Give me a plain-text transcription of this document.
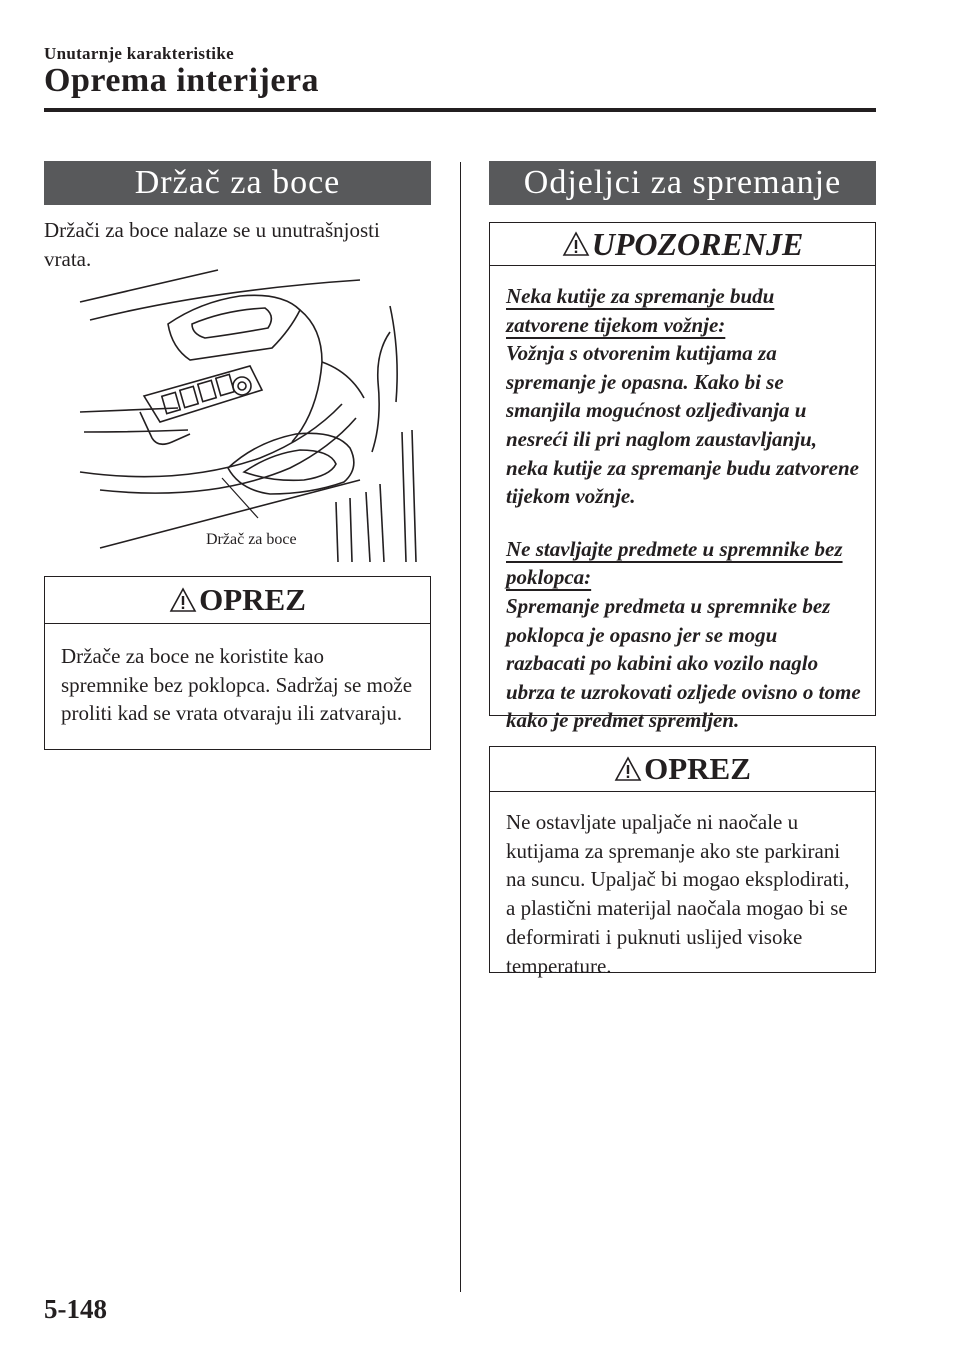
Unutarnje karakteristike
Oprema interijera
Držač za boce
Držači za boce nalaze se u unutrašnjosti vrata.
Držač za boce
OPREZ
Držače za boce ne koristite kao spremnike bez poklopca. Sadržaj se može proliti kad se vrata otvaraju ili zatvaraju.
Odjeljci za spremanje
UPOZORENJE
Neka kutije za spremanje budu zatvorene tijekom vožnje:
Vožnja s otvorenim kutijama za spremanje je opasna. Kako bi se smanjila mogućnost ozljeđivanja u nesreći ili pri naglom zaustavljanju, neka kutije za spremanje budu zatvorene tijekom vožnje.
Ne stavljajte predmete u spremnike bez poklopca:
Spremanje predmeta u spremnike bez poklopca je opasno jer se mogu razbacati po kabini ako vozilo naglo ubrza te uzrokovati ozljede ovisno o tome kako je predmet spremljen.
OPREZ
Ne ostavljate upaljače ni naočale u kutijama za spremanje ako ste parkirani na suncu. Upaljač bi mogao eksplodirati, a plastični materijal naočala mogao bi se deformirati i puknuti uslijed visoke temperature.
5-148
